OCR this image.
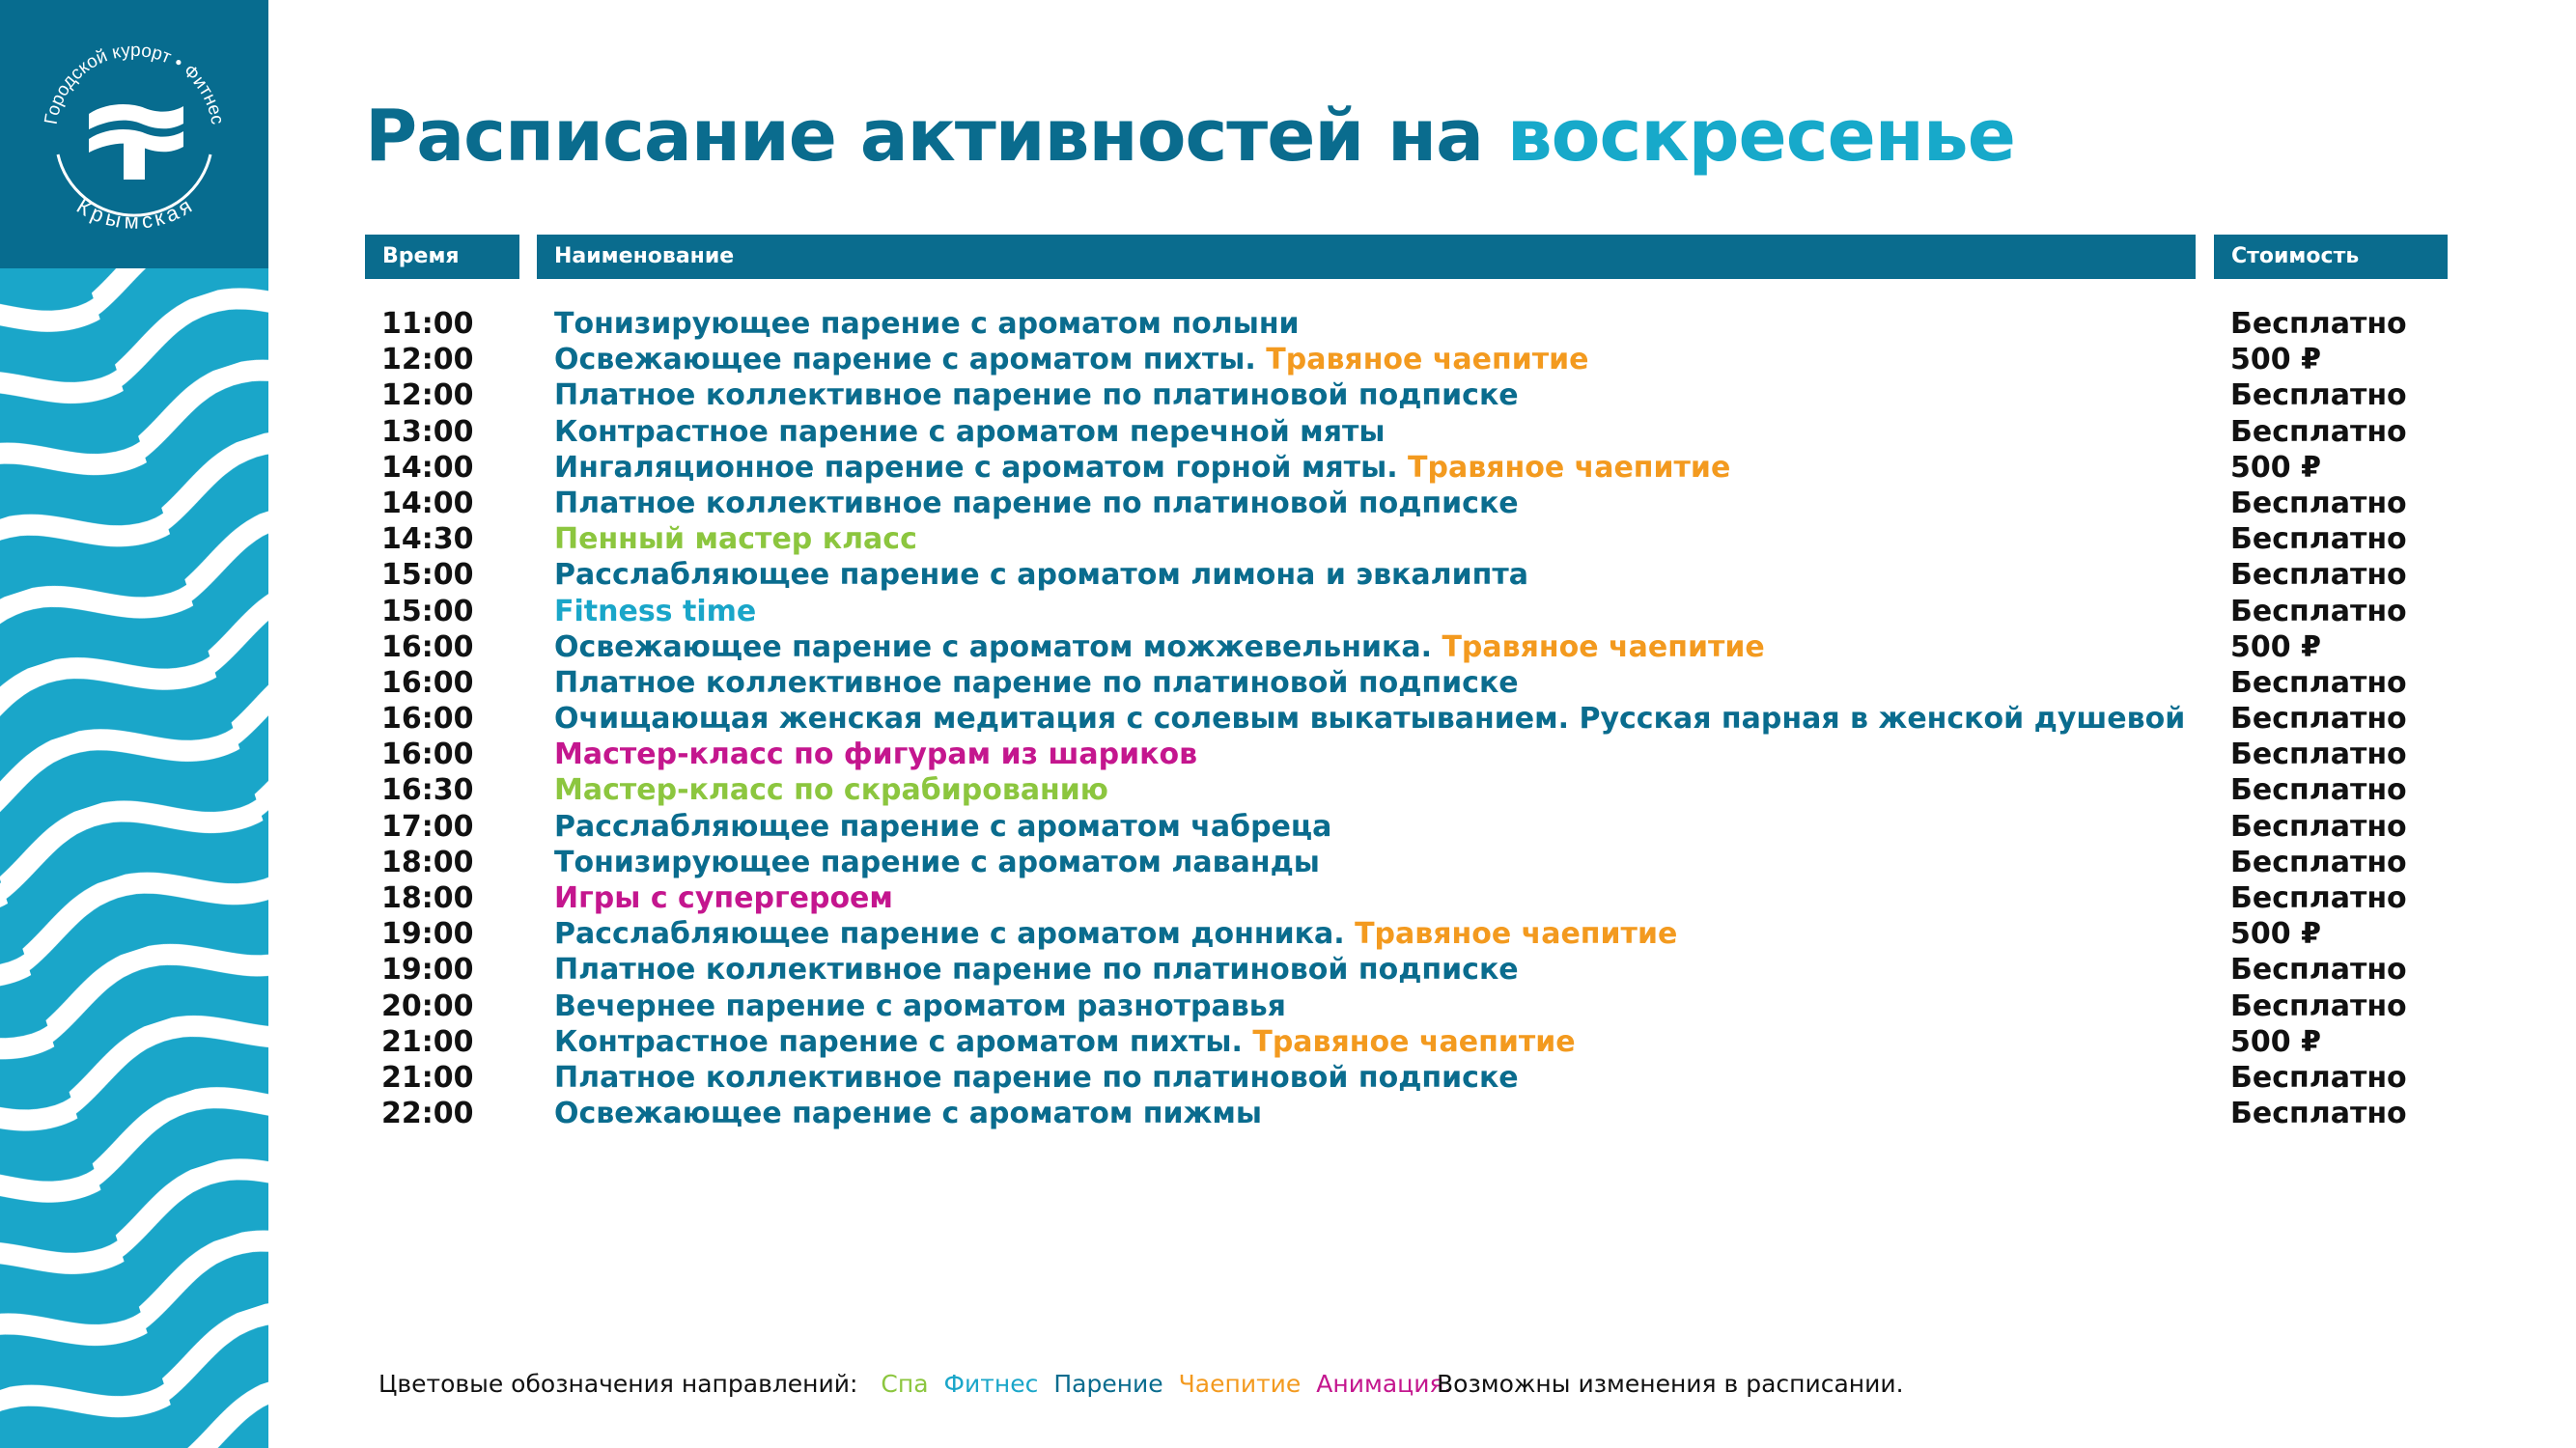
Городской курорт • Фитнес
Крымская
Расписание активностей на воскресенье
Время	Наименование	Стоимость
11:00	Тонизирующее парение с ароматом полыни	Бесплатно
12:00	Освежающее парение с ароматом пихты. Травяное чаепитие	500 ₽
12:00	Платное коллективное парение по платиновой подписке	Бесплатно
13:00	Контрастное парение с ароматом перечной мяты	Бесплатно
14:00	Ингаляционное парение с ароматом горной мяты. Травяное чаепитие	500 ₽
14:00	Платное коллективное парение по платиновой подписке	Бесплатно
14:30	Пенный мастер класс	Бесплатно
15:00	Расслабляющее парение с ароматом лимона и эвкалипта	Бесплатно
15:00	Fitness time	Бесплатно
16:00	Освежающее парение с ароматом можжевельника. Травяное чаепитие	500 ₽
16:00	Платное коллективное парение по платиновой подписке	Бесплатно
16:00	Очищающая женская медитация с солевым выкатыванием. Русская парная в женской душевой Бесплатно
16:00	Мастер-класс по фигурам из шариков	Бесплатно
16:30	Мастер-класс по скрабированию	Бесплатно
17:00	Расслабляющее парение с ароматом чабреца	Бесплатно
18:00	Тонизирующее парение с ароматом лаванды	Бесплатно
18:00	Игры с супергероем	Бесплатно
19:00	Расслабляющее парение с ароматом донника. Травяное чаепитие	500 ₽
19:00	Платное коллективное парение по платиновой подписке	Бесплатно
20:00	Вечернее парение с ароматом разнотравья	Бесплатно
21:00	Контрастное парение с ароматом пихты. Травяное чаепитие	500 ₽
21:00	Платное коллективное парение по платиновой подписке	Бесплатно
22:00	Освежающее парение с ароматом пижмы	Бесплатно
Цветовые обозначения направлений: Спа Фитнес Парение Чаепитие Анимация.
Возможны изменения в расписании.
